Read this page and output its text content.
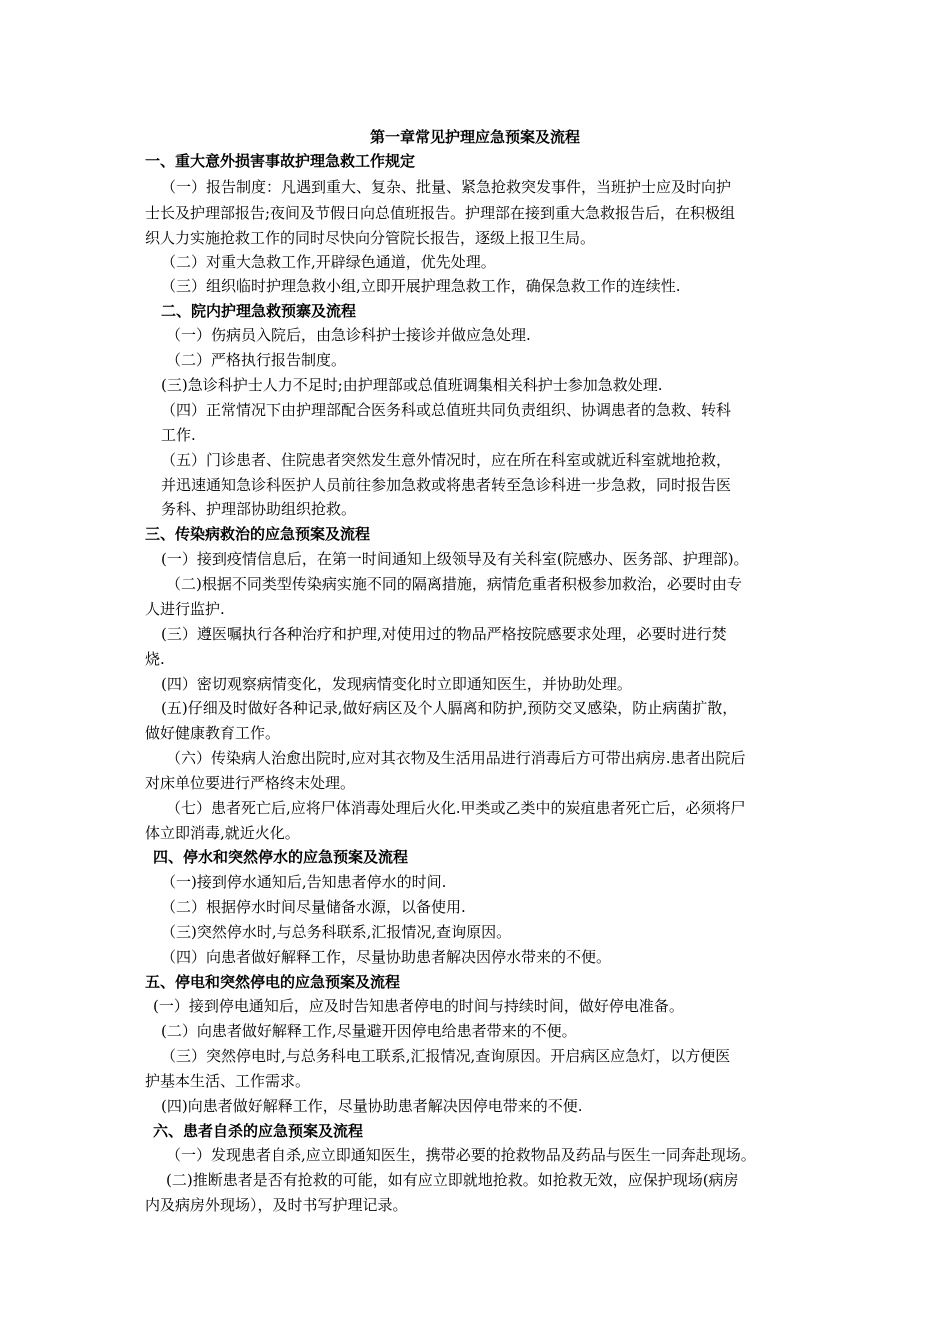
第一章常见护理应急预案及流程
一、重大意外损害事故护理急救工作规定
（一）报告制度：凡遇到重大、复杂、批量、紧急抢救突发事件，当班护士应及时向护
士长及护理部报告;夜间及节假日向总值班报告。护理部在接到重大急救报告后，在积极组
织人力实施抢救工作的同时尽快向分管院长报告，逐级上报卫生局。
（二）对重大急救工作,开辟绿色通道，优先处理。
（三）组织临时护理急救小组,立即开展护理急救工作，确保急救工作的连续性.
二、院内护理急救预寨及流程
（一）伤病员入院后，由急诊科护士接诊并做应急处理.
（二）严格执行报告制度。
(三)急诊科护士人力不足时;由护理部或总值班调集相关科护士参加急救处理.
（四）正常情况下由护理部配合医务科或总值班共同负责组织、协调患者的急救、转科
工作.
（五）门诊患者、住院患者突然发生意外情况时，应在所在科室或就近科室就地抢救，
并迅速通知急诊科医护人员前往参加急救或将患者转至急诊科进一步急救，同时报告医
务科、护理部协助组织抢救。
三、传染病救治的应急预案及流程
(一）接到疫情信息后，在第一时间通知上级领导及有关科室(院感办、医务部、护理部)。
（二)根据不同类型传染病实施不同的隔离措施，病情危重者积极参加救治，必要时由专
人进行监护.
(三）遵医嘱执行各种治疗和护理,对使用过的物品严格按院感要求处理，必要时进行焚
烧.
(四）密切观察病情变化，发现病情变化时立即通知医生，并协助处理。
(五)仔细及时做好各种记录,做好病区及个人膈离和防护,预防交叉感染，防止病菌扩散，
做好健康教育工作。
（六）传染病人治愈出院时,应对其衣物及生活用品进行消毒后方可带出病房.患者出院后
对床单位要进行严格终末处理。
（七）患者死亡后,应将尸体消毒处理后火化.甲类或乙类中的炭疽患者死亡后，必须将尸
体立即消毒,就近火化。
四、停水和突然停水的应急预案及流程
（一)接到停水通知后,告知患者停水的时间.
（二）根据停水时间尽量储备水源，以备使用.
（三)突然停水时,与总务科联系,汇报情况,查询原因。
（四）向患者做好解释工作，尽量协助患者解决因停水带来的不便。
五、停电和突然停电的应急预案及流程
(一）接到停电通知后，应及时告知患者停电的时间与持续时间，做好停电准备。
(二）向患者做好解释工作,尽量避开因停电给患者带来的不便。
（三）突然停电时,与总务科电工联系,汇报情况,查询原因。开启病区应急灯，以方便医
护基本生活、工作需求。
(四)向患者做好解释工作，尽量协助患者解决因停电带来的不便.
六、患者自杀的应急预案及流程
（一）发现患者自杀,应立即通知医生，携带必要的抢救物品及药品与医生一同奔赴现场。
(二)推断患者是否有抢救的可能，如有应立即就地抢救。如抢救无效，应保护现场(病房
内及病房外现场），及时书写护理记录。
